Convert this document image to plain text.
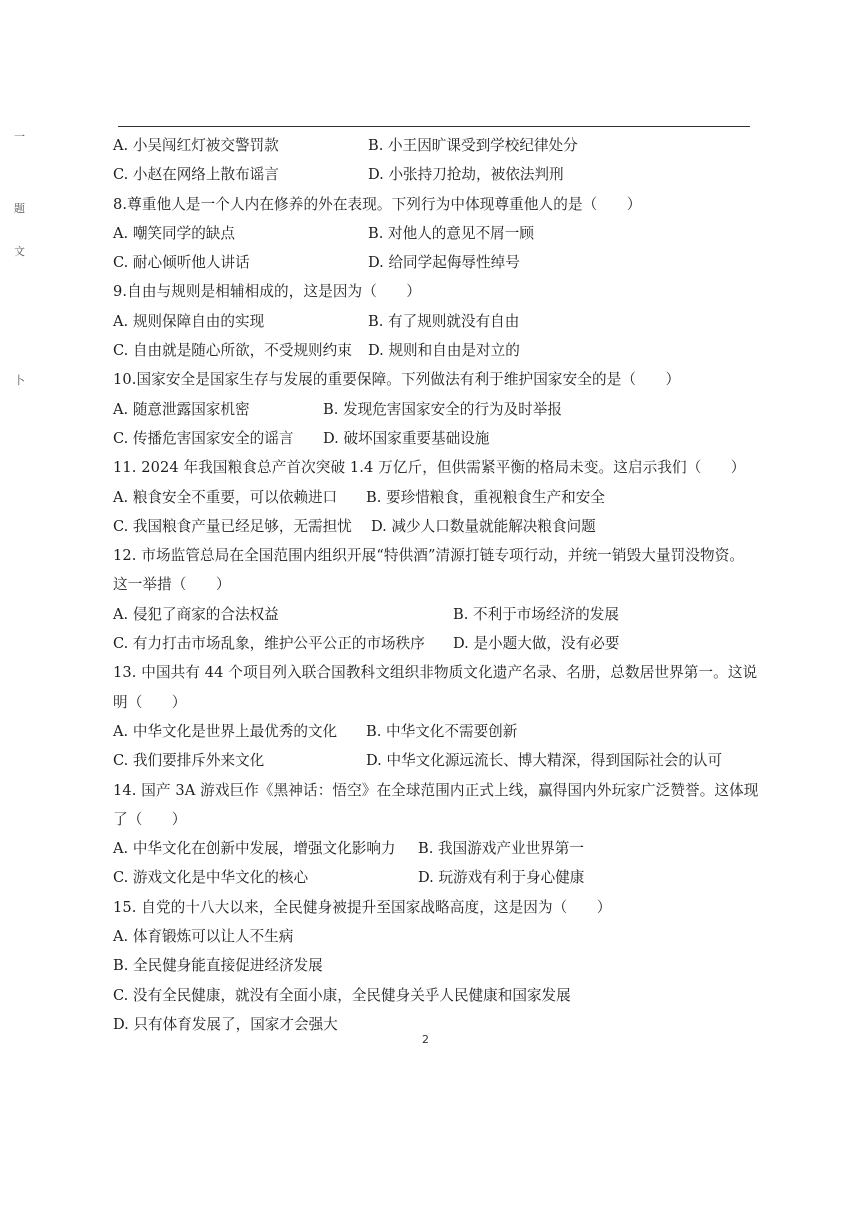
一
题
文
卜
A. 小吴闯红灯被交警罚款	B. 小王因旷课受到学校纪律处分
C. 小赵在网络上散布谣言	D. 小张持刀抢劫，被依法判刑
8.尊重他人是一个人内在修养的外在表现。下列行为中体现尊重他人的是（　　）
A. 嘲笑同学的缺点	B. 对他人的意见不屑一顾
C. 耐心倾听他人讲话	D. 给同学起侮辱性绰号
9.自由与规则是相辅相成的，这是因为（　　）
A. 规则保障自由的实现	B. 有了规则就没有自由
C. 自由就是随心所欲，不受规则约束 D. 规则和自由是对立的
10.国家安全是国家生存与发展的重要保障。下列做法有利于维护国家安全的是（　　）
A. 随意泄露国家机密	B. 发现危害国家安全的行为及时举报
C. 传播危害国家安全的谣言 D. 破坏国家重要基础设施
11. 2024 年我国粮食总产首次突破 1.4 万亿斤，但供需紧平衡的格局未变。这启示我们（　　）
A. 粮食安全不重要，可以依赖进口 B. 要珍惜粮食，重视粮食生产和安全
C. 我国粮食产量已经足够，无需担忧 D. 减少人口数量就能解决粮食问题
12. 市场监管总局在全国范围内组织开展“特供酒”清源打链专项行动，并统一销毁大量罚没物资。
这一举措（　　）
A. 侵犯了商家的合法权益	B. 不利于市场经济的发展
C. 有力打击市场乱象，维护公平公正的市场秩序 D. 是小题大做，没有必要
13. 中国共有 44 个项目列入联合国教科文组织非物质文化遗产名录、名册，总数居世界第一。这说
明（　　）
A. 中华文化是世界上最优秀的文化 B. 中华文化不需要创新
C. 我们要排斥外来文化	D. 中华文化源远流长、博大精深，得到国际社会的认可
14. 国产 3A 游戏巨作《黑神话：悟空》在全球范围内正式上线，赢得国内外玩家广泛赞誉。这体现
了（　　）
A. 中华文化在创新中发展，增强文化影响力 B. 我国游戏产业世界第一
C. 游戏文化是中华文化的核心	D. 玩游戏有利于身心健康
15. 自党的十八大以来，全民健身被提升至国家战略高度，这是因为（　　）
A. 体育锻炼可以让人不生病
B. 全民健身能直接促进经济发展
C. 没有全民健康，就没有全面小康，全民健身关乎人民健康和国家发展
D. 只有体育发展了，国家才会强大
2
